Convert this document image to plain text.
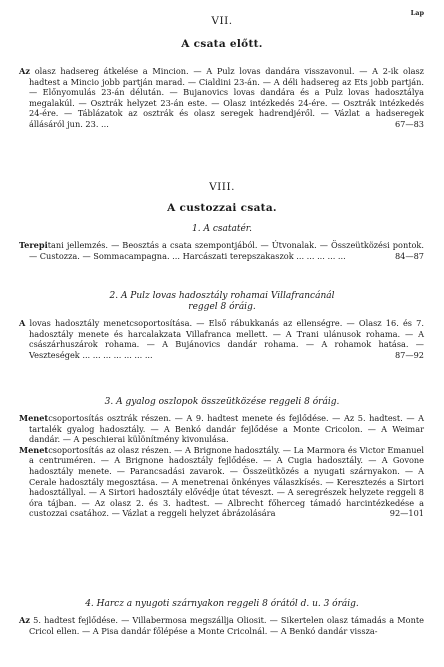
Lap
VII.
A csata előtt.

Az olasz hadsereg átkelése a Mincion. — A Pulz lovas dandára visszavonul. — A 2-ik olasz hadtest a Mincio jobb partján marad. — Cialdini 23-án. — A déli hadsereg az Ets jobb partján. — Előnyomulás 23-án délután. — Bujanovics lovas dandára és a Pulz lovas hadosztálya megalakúl. — Osztrák helyzet 23-án este. — Olasz intézkedés 24-ére. — Osztrák intézkedés 24-ére. — Táblázatok az osztrák és olasz seregek hadrendjéről. — Vázlat a hadseregek állásáról jun. 23. ...	67—83

VIII.
A custozzai csata.
1. A csatatér.

Terepitani jellemzés. — Beosztás a csata szempontjából. — Útvonalak. — Összeütközési pontok. — Custozza. — Sommacampagna. ... Harcászati terepszakaszok ... ... ... ... ...	84—87

2. A Pulz lovas hadosztály rohamai Villafrancánál
reggel 8 óráig.

A lovas hadosztály menetcsoportosítása. — Első rábukkanás az ellenségre. — Olasz 16. és 7. hadosztály menete és harcalakzata Villafranca mellett. — A Trani ulánusok rohama. — A császárhuszárok rohama. — A Bujánovics dandár rohama. — A rohamok hatása. — Veszteségek ... ... ... ... ... ... ...	87—92

3. A gyalog oszlopok összeütközése reggeli 8 óráig.

Menetcsoportosítás osztrák részen. — A 9. hadtest menete és fejlődése. — Az 5. hadtest. — A tartalék gyalog hadosztály. — A Benkó dandár fejlődése a Monte Cricolon. — A Weimar dandár. — A peschierai különítmény kivonulása.

Menetcsoportosítás az olasz részen. — A Brignone hadosztály. — La Marmora és Victor Emanuel a centruméren. — A Brignone hadosztály fejlődése. — A Cugia hadosztály. — A Govone hadosztály menete. — Parancsadási zavarok. — Összeütközés a nyugati szárnyakon. — A Cerale hadosztály megosztása. — A menetrenai önkényes válaszkísés. — Keresztezés a Sirtori hadosztállyal. — A Sirtori hadosztály elővédje útat téveszt. — A seregrészek helyzete reggeli 8 óra tájban. — Az olasz 2. és 3. hadtest. — Albrecht főherceg támadó harcintézkedése a custozzai csatához. — Vázlat a reggeli helyzet ábrázolására	92—101

4. Harcz a nyugoti szárnyakon reggeli 8 órától d. u. 3 óráig.

Az 5. hadtest fejlődése. — Villabermosa megszállja Oliosit. — Sikertelen olasz támadás a Monte Cricol ellen. — A Pisa dandár főlépése a Monte Cricolnál. — A Benkó dandár vissza-
